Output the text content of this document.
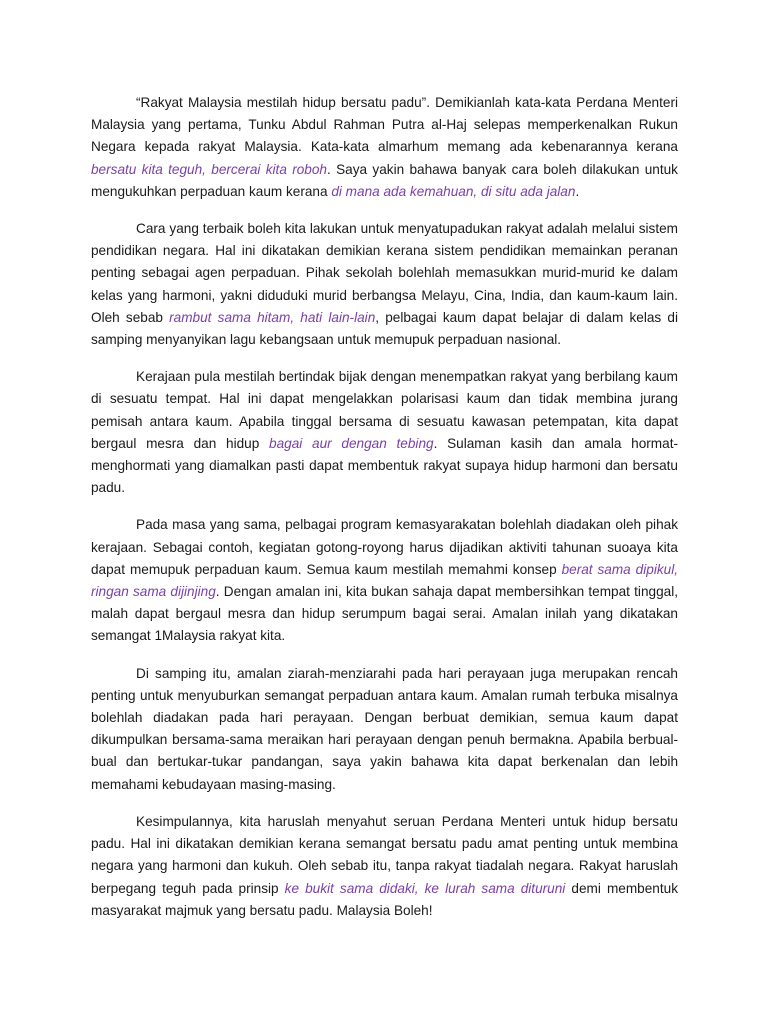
“Rakyat Malaysia mestilah hidup bersatu padu”. Demikianlah kata-kata Perdana Menteri Malaysia yang pertama, Tunku Abdul Rahman Putra al-Haj selepas memperkenalkan Rukun Negara kepada rakyat Malaysia. Kata-kata almarhum memang ada kebenarannya kerana bersatu kita teguh, bercerai kita roboh. Saya yakin bahawa banyak cara boleh dilakukan untuk mengukuhkan perpaduan kaum kerana di mana ada kemahuan, di situ ada jalan.

Cara yang terbaik boleh kita lakukan untuk menyatupadukan rakyat adalah melalui sistem pendidikan negara. Hal ini dikatakan demikian kerana sistem pendidikan memainkan peranan penting sebagai agen perpaduan. Pihak sekolah bolehlah memasukkan murid-murid ke dalam kelas yang harmoni, yakni diduduki murid berbangsa Melayu, Cina, India, dan kaum-kaum lain. Oleh sebab rambut sama hitam, hati lain-lain, pelbagai kaum dapat belajar di dalam kelas di samping menyanyikan lagu kebangsaan untuk memupuk perpaduan nasional.

Kerajaan pula mestilah bertindak bijak dengan menempatkan rakyat yang berbilang kaum di sesuatu tempat. Hal ini dapat mengelakkan polarisasi kaum dan tidak membina jurang pemisah antara kaum. Apabila tinggal bersama di sesuatu kawasan petempatan, kita dapat bergaul mesra dan hidup bagai aur dengan tebing. Sulaman kasih dan amala hormat-menghormati yang diamalkan pasti dapat membentuk rakyat supaya hidup harmoni dan bersatu padu.

Pada masa yang sama, pelbagai program kemasyarakatan bolehlah diadakan oleh pihak kerajaan. Sebagai contoh, kegiatan gotong-royong harus dijadikan aktiviti tahunan suoaya kita dapat memupuk perpaduan kaum. Semua kaum mestilah memahmi konsep berat sama dipikul, ringan sama dijinjing. Dengan amalan ini, kita bukan sahaja dapat membersihkan tempat tinggal, malah dapat bergaul mesra dan hidup serumpum bagai serai. Amalan inilah yang dikatakan semangat 1Malaysia rakyat kita.

Di samping itu, amalan ziarah-menziarahi pada hari perayaan juga merupakan rencah penting untuk menyuburkan semangat perpaduan antara kaum. Amalan rumah terbuka misalnya bolehlah diadakan pada hari perayaan. Dengan berbuat demikian, semua kaum dapat dikumpulkan bersama-sama meraikan hari perayaan dengan penuh bermakna. Apabila berbual-bual dan bertukar-tukar pandangan, saya yakin bahawa kita dapat berkenalan dan lebih memahami kebudayaan masing-masing.

Kesimpulannya, kita haruslah menyahut seruan Perdana Menteri untuk hidup bersatu padu. Hal ini dikatakan demikian kerana semangat bersatu padu amat penting untuk membina negara yang harmoni dan kukuh. Oleh sebab itu, tanpa rakyat tiadalah negara. Rakyat haruslah berpegang teguh pada prinsip ke bukit sama didaki, ke lurah sama dituruni demi membentuk masyarakat majmuk yang bersatu padu. Malaysia Boleh!
